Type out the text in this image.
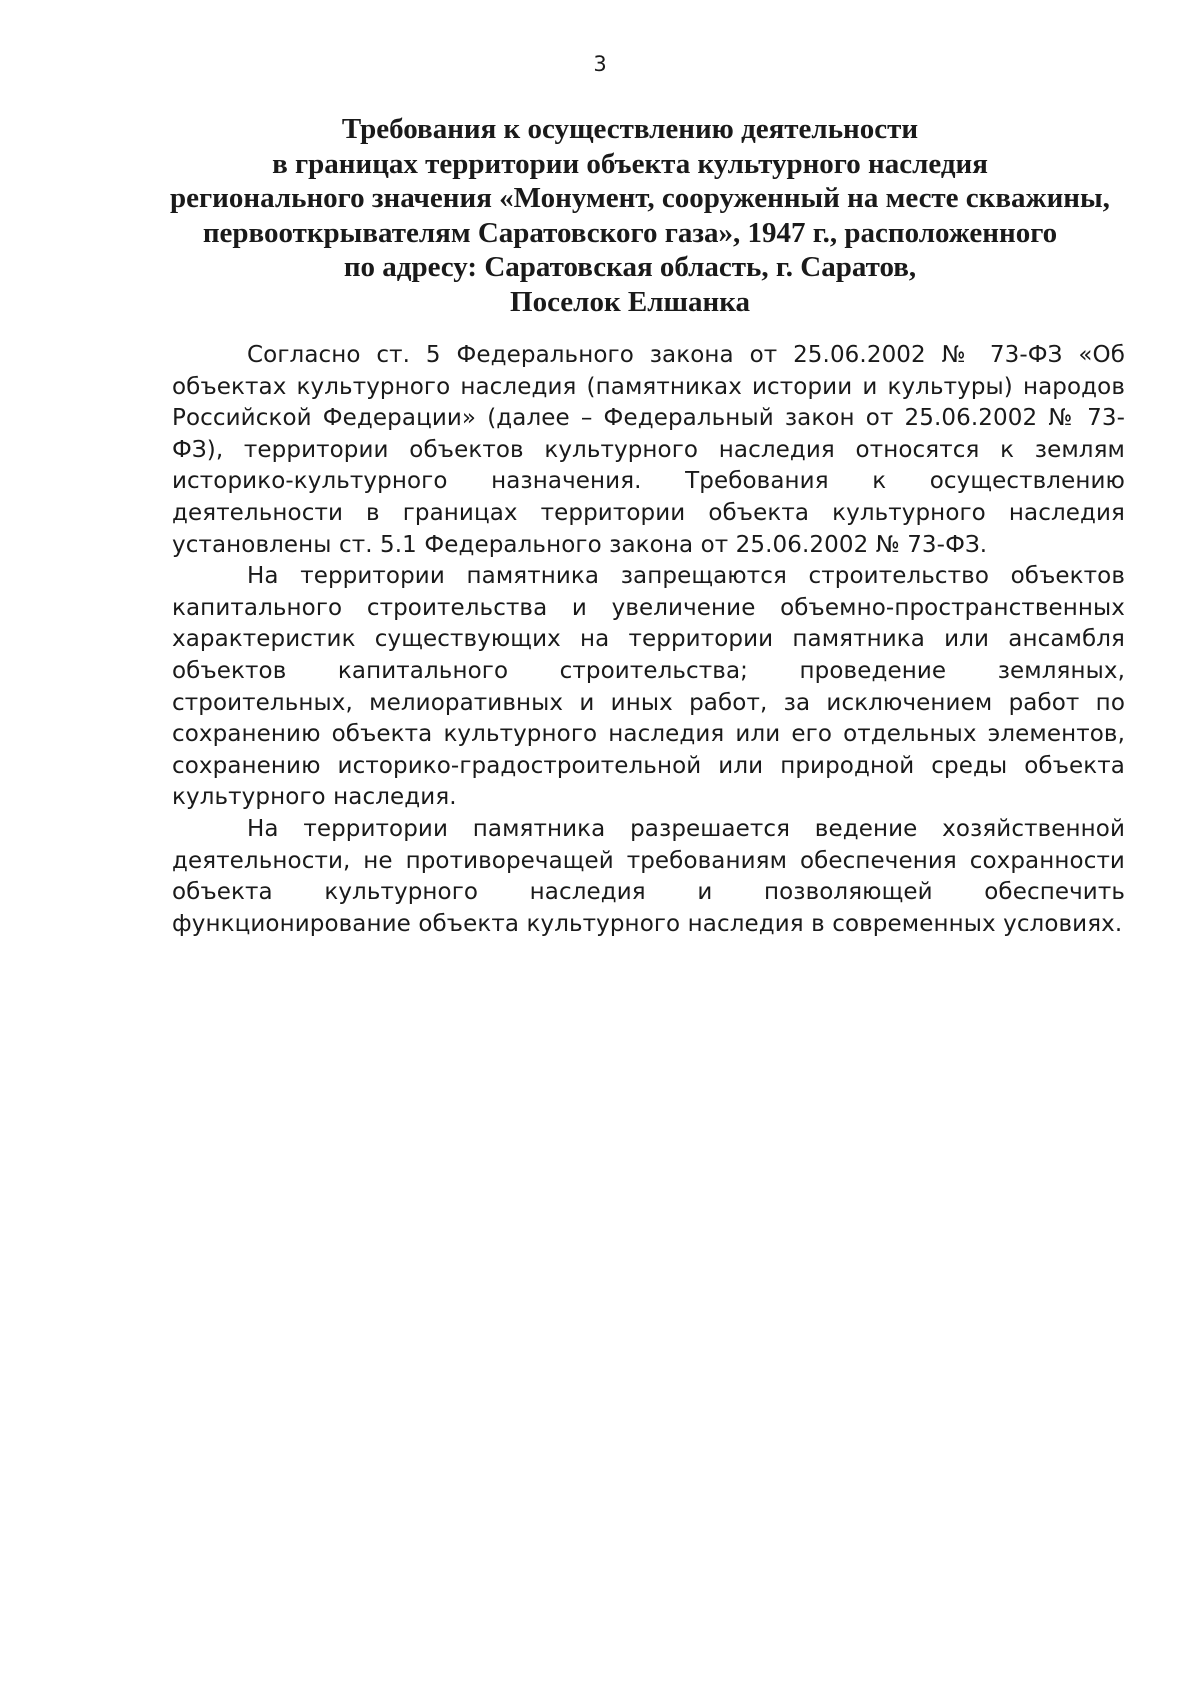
3
Требования к осуществлению деятельности
в границах территории объекта культурного наследия
регионального значения «Монумент, сооруженный на месте скважины,
первооткрывателям Саратовского газа», 1947 г., расположенного
по адресу: Саратовская область, г. Саратов,
Поселок Елшанка

Согласно ст. 5 Федерального закона от 25.06.2002 № 73-ФЗ «Об объектах культурного наследия (памятниках истории и культуры) народов Российской Федерации» (далее – Федеральный закон от 25.06.2002 № 73-ФЗ), территории объектов культурного наследия относятся к землям историко-культурного назначения. Требования к осуществлению деятельности в границах территории объекта культурного наследия установлены ст. 5.1 Федерального закона от 25.06.2002 № 73-ФЗ.

На территории памятника запрещаются строительство объектов капитального строительства и увеличение объемно-пространственных характеристик существующих на территории памятника или ансамбля объектов капитального строительства; проведение земляных, строительных, мелиоративных и иных работ, за исключением работ по сохранению объекта культурного наследия или его отдельных элементов, сохранению историко-градостроительной или природной среды объекта культурного наследия.

На территории памятника разрешается ведение хозяйственной деятельности, не противоречащей требованиям обеспечения сохранности объекта культурного наследия и позволяющей обеспечить функционирование объекта культурного наследия в современных условиях.
